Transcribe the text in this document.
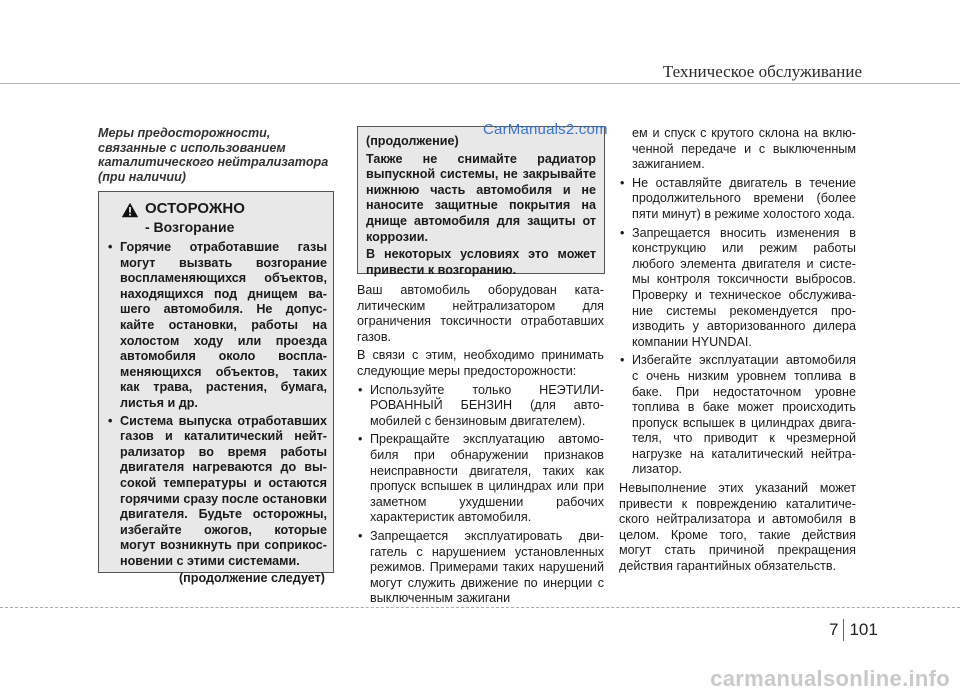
Техническое обслуживание
Меры предосторожности, связанные с использованием каталитического нейтрализатора (при наличии)
ОСТОРОЖНО
- Возгорание
• Горячие отработавшие газы могут вызвать возгорание воспламеняющихся объектов, находящихся под днищем вашего автомобиля. Не допускайте остановки, работы на холостом ходу или проезда автомобиля около воспламеняющихся объектов, таких как трава, растения, бумага, листья и др.
• Система выпуска отработавших газов и каталитический нейтрализатор во время работы двигателя нагреваются до высокой температуры и остаются горячими сразу после остановки двигателя. Будьте осторожны, избегайте ожогов, которые могут возникнуть при соприкосновении с этими системами.
(продолжение следует)

(продолжение)

Также не снимайте радиатор выпускной системы, не закрывайте нижнюю часть автомобиля и не наносите защитные покрытия на днище автомобиля для защиты от коррозии.

В некоторых условиях это может привести к возгоранию.

CarManuals2.com

Ваш автомобиль оборудован каталитическим нейтрализатором для ограничения токсичности отработавших газов.

В связи с этим, необходимо принимать следующие меры предосторожности:

• Используйте только НЕЭТИЛИРОВАННЫЙ БЕНЗИН (для автомобилей с бензиновым двигателем).
• Прекращайте эксплуатацию автомобиля при обнаружении признаков неисправности двигателя, таких как пропуск вспышек в цилиндрах или при заметном ухудшении рабочих характеристик автомобиля.
• Запрещается эксплуатировать двигатель с нарушением установленных режимов. Примерами таких нарушений могут служить движение по инерции с выключенным зажигани

ем и спуск с крутого склона на включенной передаче и с выключенным зажиганием.

• Не оставляйте двигатель в течение продолжительного времени (более пяти минут) в режиме холостого хода.
• Запрещается вносить изменения в конструкцию или режим работы любого элемента двигателя и системы контроля токсичности выбросов. Проверку и техническое обслуживание системы рекомендуется производить у авторизованного дилера компании HYUNDAI.
• Избегайте эксплуатации автомобиля с очень низким уровнем топлива в баке. При недостаточном уровне топлива в баке может происходить пропуск вспышек в цилиндрах двигателя, что приводит к чрезмерной нагрузке на каталитический нейтрализатор.

Невыполнение этих указаний может привести к повреждению каталитического нейтрализатора и автомобиля в целом. Кроме того, такие действия могут стать причиной прекращения действия гарантийных обязательств.

7 101
carmanualsonline.info
